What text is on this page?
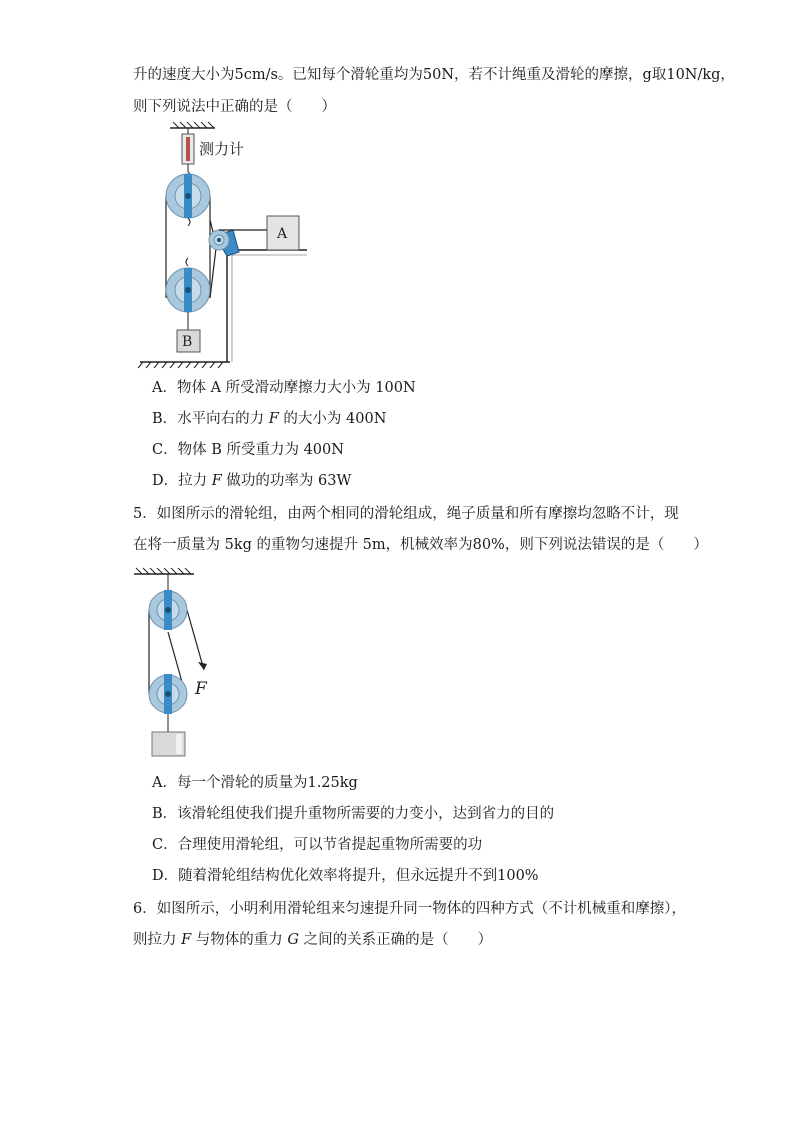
升的速度大小为5cm/s。已知每个滑轮重均为50N，若不计绳重及滑轮的摩擦，g取10N/kg，
则下列说法中正确的是（　　）
测力计
B
A
A．物体 A 所受滑动摩擦力大小为 100N
B．水平向右的力 F 的大小为 400N
C．物体 B 所受重力为 400N
D．拉力 F 做功的功率为 63W
5．如图所示的滑轮组，由两个相同的滑轮组成，绳子质量和所有摩擦均忽略不计，现
在将一质量为 5kg 的重物匀速提升 5m，机械效率为80%，则下列说法错误的是（　　）
F
A．每一个滑轮的质量为1.25kg
B．该滑轮组使我们提升重物所需要的力变小，达到省力的目的
C．合理使用滑轮组，可以节省提起重物所需要的功
D．随着滑轮组结构优化效率将提升，但永远提升不到100%
6．如图所示，小明利用滑轮组来匀速提升同一物体的四种方式（不计机械重和摩擦），
则拉力 F 与物体的重力 G 之间的关系正确的是（　　）
